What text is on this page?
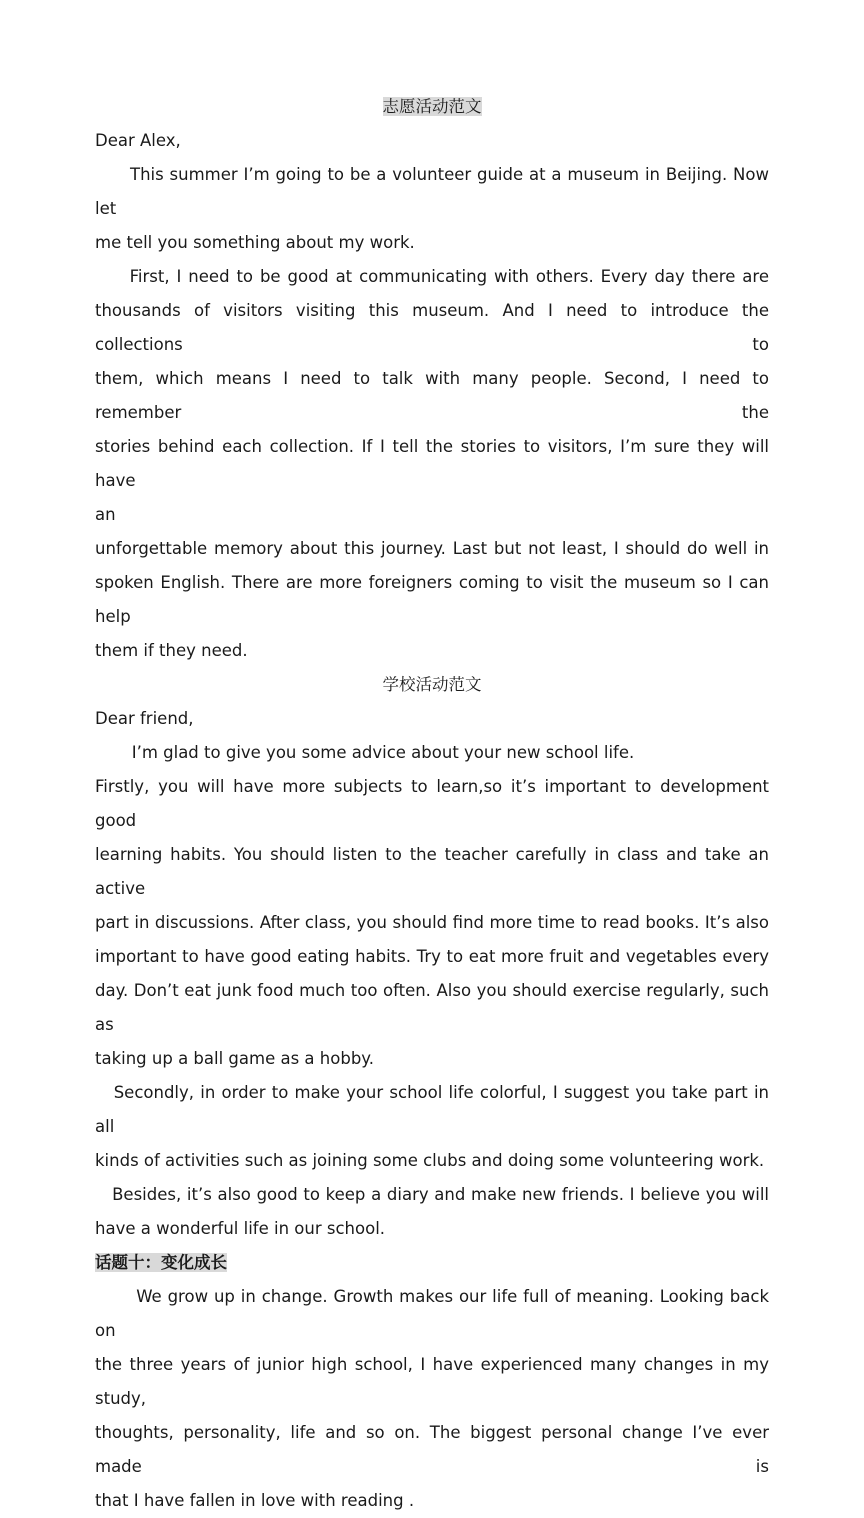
志愿活动范文
Dear Alex,
This summer I’m going to be a volunteer guide at a museum in Beijing. Now let
me tell you something about my work.
First, I need to be good at communicating with others. Every day there are
thousands of visitors visiting this museum. And I need to introduce the collections to
them, which means I need to talk with many people. Second, I need to remember the
stories behind each collection. If I tell the stories to visitors, I’m sure they will have
an
unforgettable memory about this journey. Last but not least, I should do well in
spoken English. There are more foreigners coming to visit the museum so I can help
them if they need.
学校活动范文
Dear friend,
I’m glad to give you some advice about your new school life.
Firstly, you will have more subjects to learn,so it’s important to development good
learning habits. You should listen to the teacher carefully in class and take an active
part in discussions. After class, you should find more time to read books. It’s also
important to have good eating habits. Try to eat more fruit and vegetables every
day. Don’t eat junk food much too often. Also you should exercise regularly, such as
taking up a ball game as a hobby.
Secondly, in order to make your school life colorful, I suggest you take part in all
kinds of activities such as joining some clubs and doing some volunteering work.
Besides, it’s also good to keep a diary and make new friends. I believe you will
have a wonderful life in our school.
话题十：变化成长
We grow up in change. Growth makes our life full of meaning. Looking back on
the three years of junior high school, I have experienced many changes in my study,
thoughts, personality, life and so on. The biggest personal change I’ve ever made is
that I have fallen in love with reading .
